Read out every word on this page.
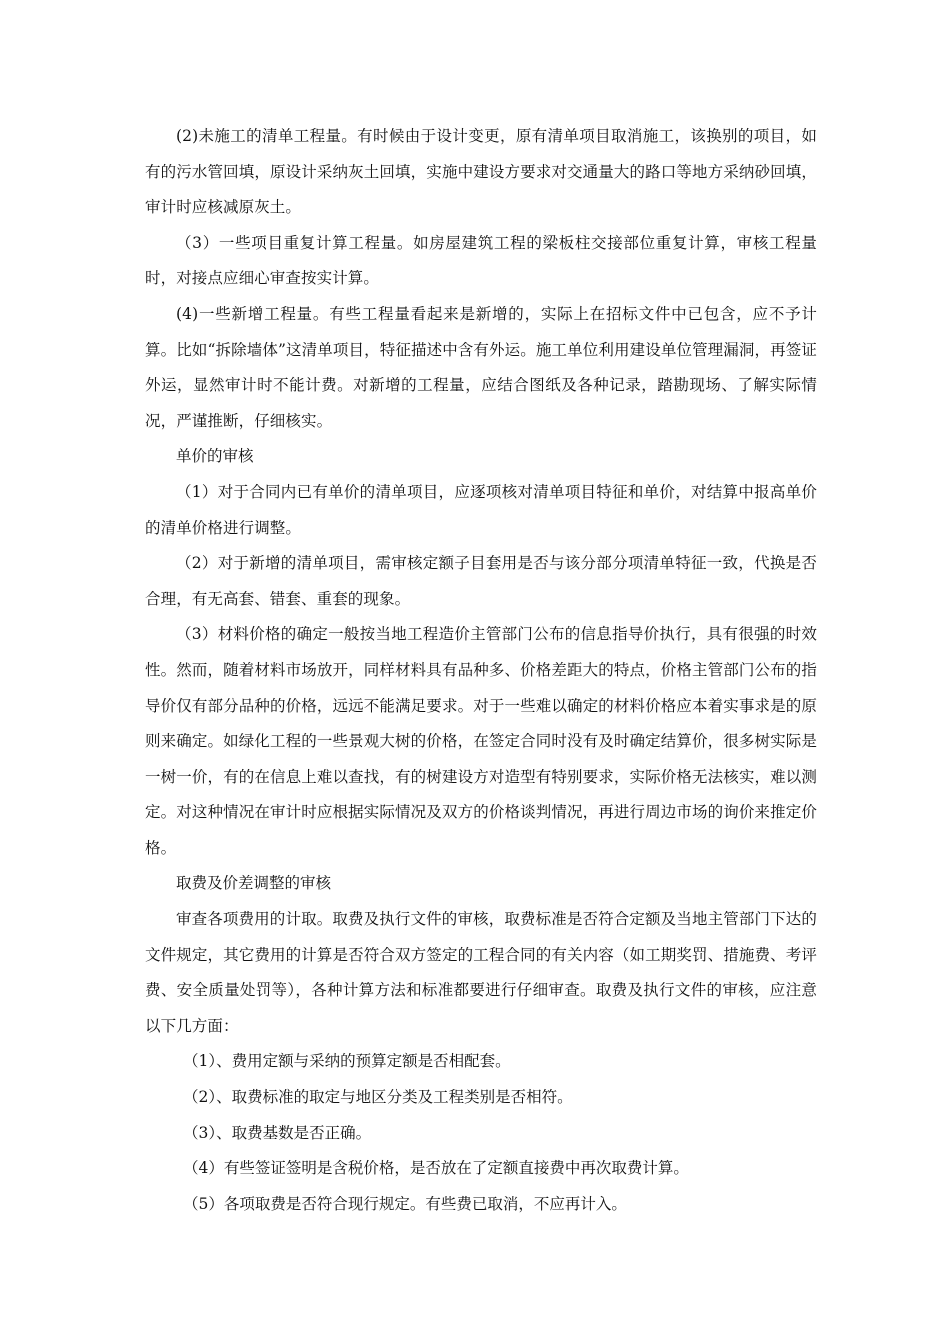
(2)未施工的清单工程量。有时候由于设计变更，原有清单项目取消施工，该换别的项目，如有的污水管回填，原设计采纳灰土回填，实施中建设方要求对交通量大的路口等地方采纳砂回填，审计时应核减原灰土。

（3）一些项目重复计算工程量。如房屋建筑工程的梁板柱交接部位重复计算，审核工程量时，对接点应细心审查按实计算。

(4)一些新增工程量。有些工程量看起来是新增的，实际上在招标文件中已包含，应不予计算。比如“拆除墙体”这清单项目，特征描述中含有外运。施工单位利用建设单位管理漏洞，再签证外运，显然审计时不能计费。对新增的工程量，应结合图纸及各种记录，踏勘现场、了解实际情况，严谨推断，仔细核实。

单价的审核

（1）对于合同内已有单价的清单项目，应逐项核对清单项目特征和单价，对结算中报高单价的清单价格进行调整。

（2）对于新增的清单项目，需审核定额子目套用是否与该分部分项清单特征一致，代换是否合理，有无高套、错套、重套的现象。

（3）材料价格的确定一般按当地工程造价主管部门公布的信息指导价执行，具有很强的时效性。然而，随着材料市场放开，同样材料具有品种多、价格差距大的特点，价格主管部门公布的指导价仅有部分品种的价格，远远不能满足要求。对于一些难以确定的材料价格应本着实事求是的原则来确定。如绿化工程的一些景观大树的价格，在签定合同时没有及时确定结算价，很多树实际是一树一价，有的在信息上难以查找，有的树建设方对造型有特别要求，实际价格无法核实，难以测定。对这种情况在审计时应根据实际情况及双方的价格谈判情况，再进行周边市场的询价来推定价格。

取费及价差调整的审核

审查各项费用的计取。取费及执行文件的审核，取费标准是否符合定额及当地主管部门下达的文件规定，其它费用的计算是否符合双方签定的工程合同的有关内容（如工期奖罚、措施费、考评费、安全质量处罚等），各种计算方法和标准都要进行仔细审查。取费及执行文件的审核，应注意以下几方面：

（1）、费用定额与采纳的预算定额是否相配套。

（2）、取费标准的取定与地区分类及工程类别是否相符。

（3）、取费基数是否正确。

（4）有些签证签明是含税价格，是否放在了定额直接费中再次取费计算。

（5）各项取费是否符合现行规定。有些费已取消，不应再计入。
